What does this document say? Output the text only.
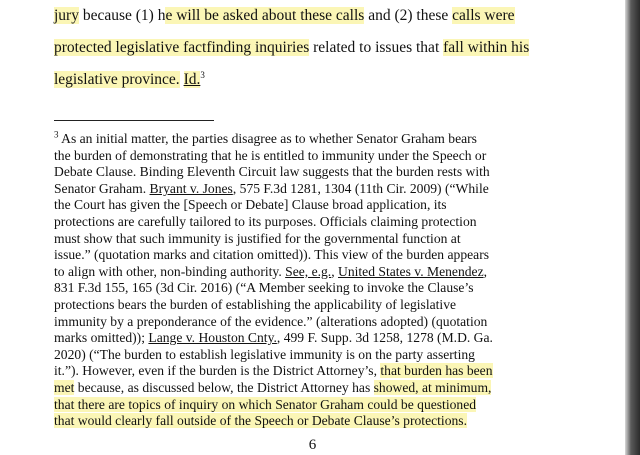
jury because (1) he will be asked about these calls and (2) these calls were
protected legislative factfinding inquiries related to issues that fall within his
legislative province. Id.$^3$
$^3$ As an initial matter, the parties disagree as to whether Senator Graham bears
the burden of demonstrating that he is entitled to immunity under the Speech or
Debate Clause. Binding Eleventh Circuit law suggests that the burden rests with
Senator Graham. Bryant v. Jones, 575 F.3d 1281, 1304 (11th Cir. 2009) (“While
the Court has given the [Speech or Debate] Clause broad application, its
protections are carefully tailored to its purposes. Officials claiming protection
must show that such immunity is justified for the governmental function at
issue.” (quotation marks and citation omitted)). This view of the burden appears
to align with other, non-binding authority. See, e.g., United States v. Menendez,
831 F.3d 155, 165 (3d Cir. 2016) (“A Member seeking to invoke the Clause’s
protections bears the burden of establishing the applicability of legislative
immunity by a preponderance of the evidence.” (alterations adopted) (quotation
marks omitted)); Lange v. Houston Cnty., 499 F. Supp. 3d 1258, 1278 (M.D. Ga.
2020) (“The burden to establish legislative immunity is on the party asserting
it.”). However, even if the burden is the District Attorney’s, that burden has been
met because, as discussed below, the District Attorney has showed, at minimum,
that there are topics of inquiry on which Senator Graham could be questioned
that would clearly fall outside of the Speech or Debate Clause’s protections.
6
